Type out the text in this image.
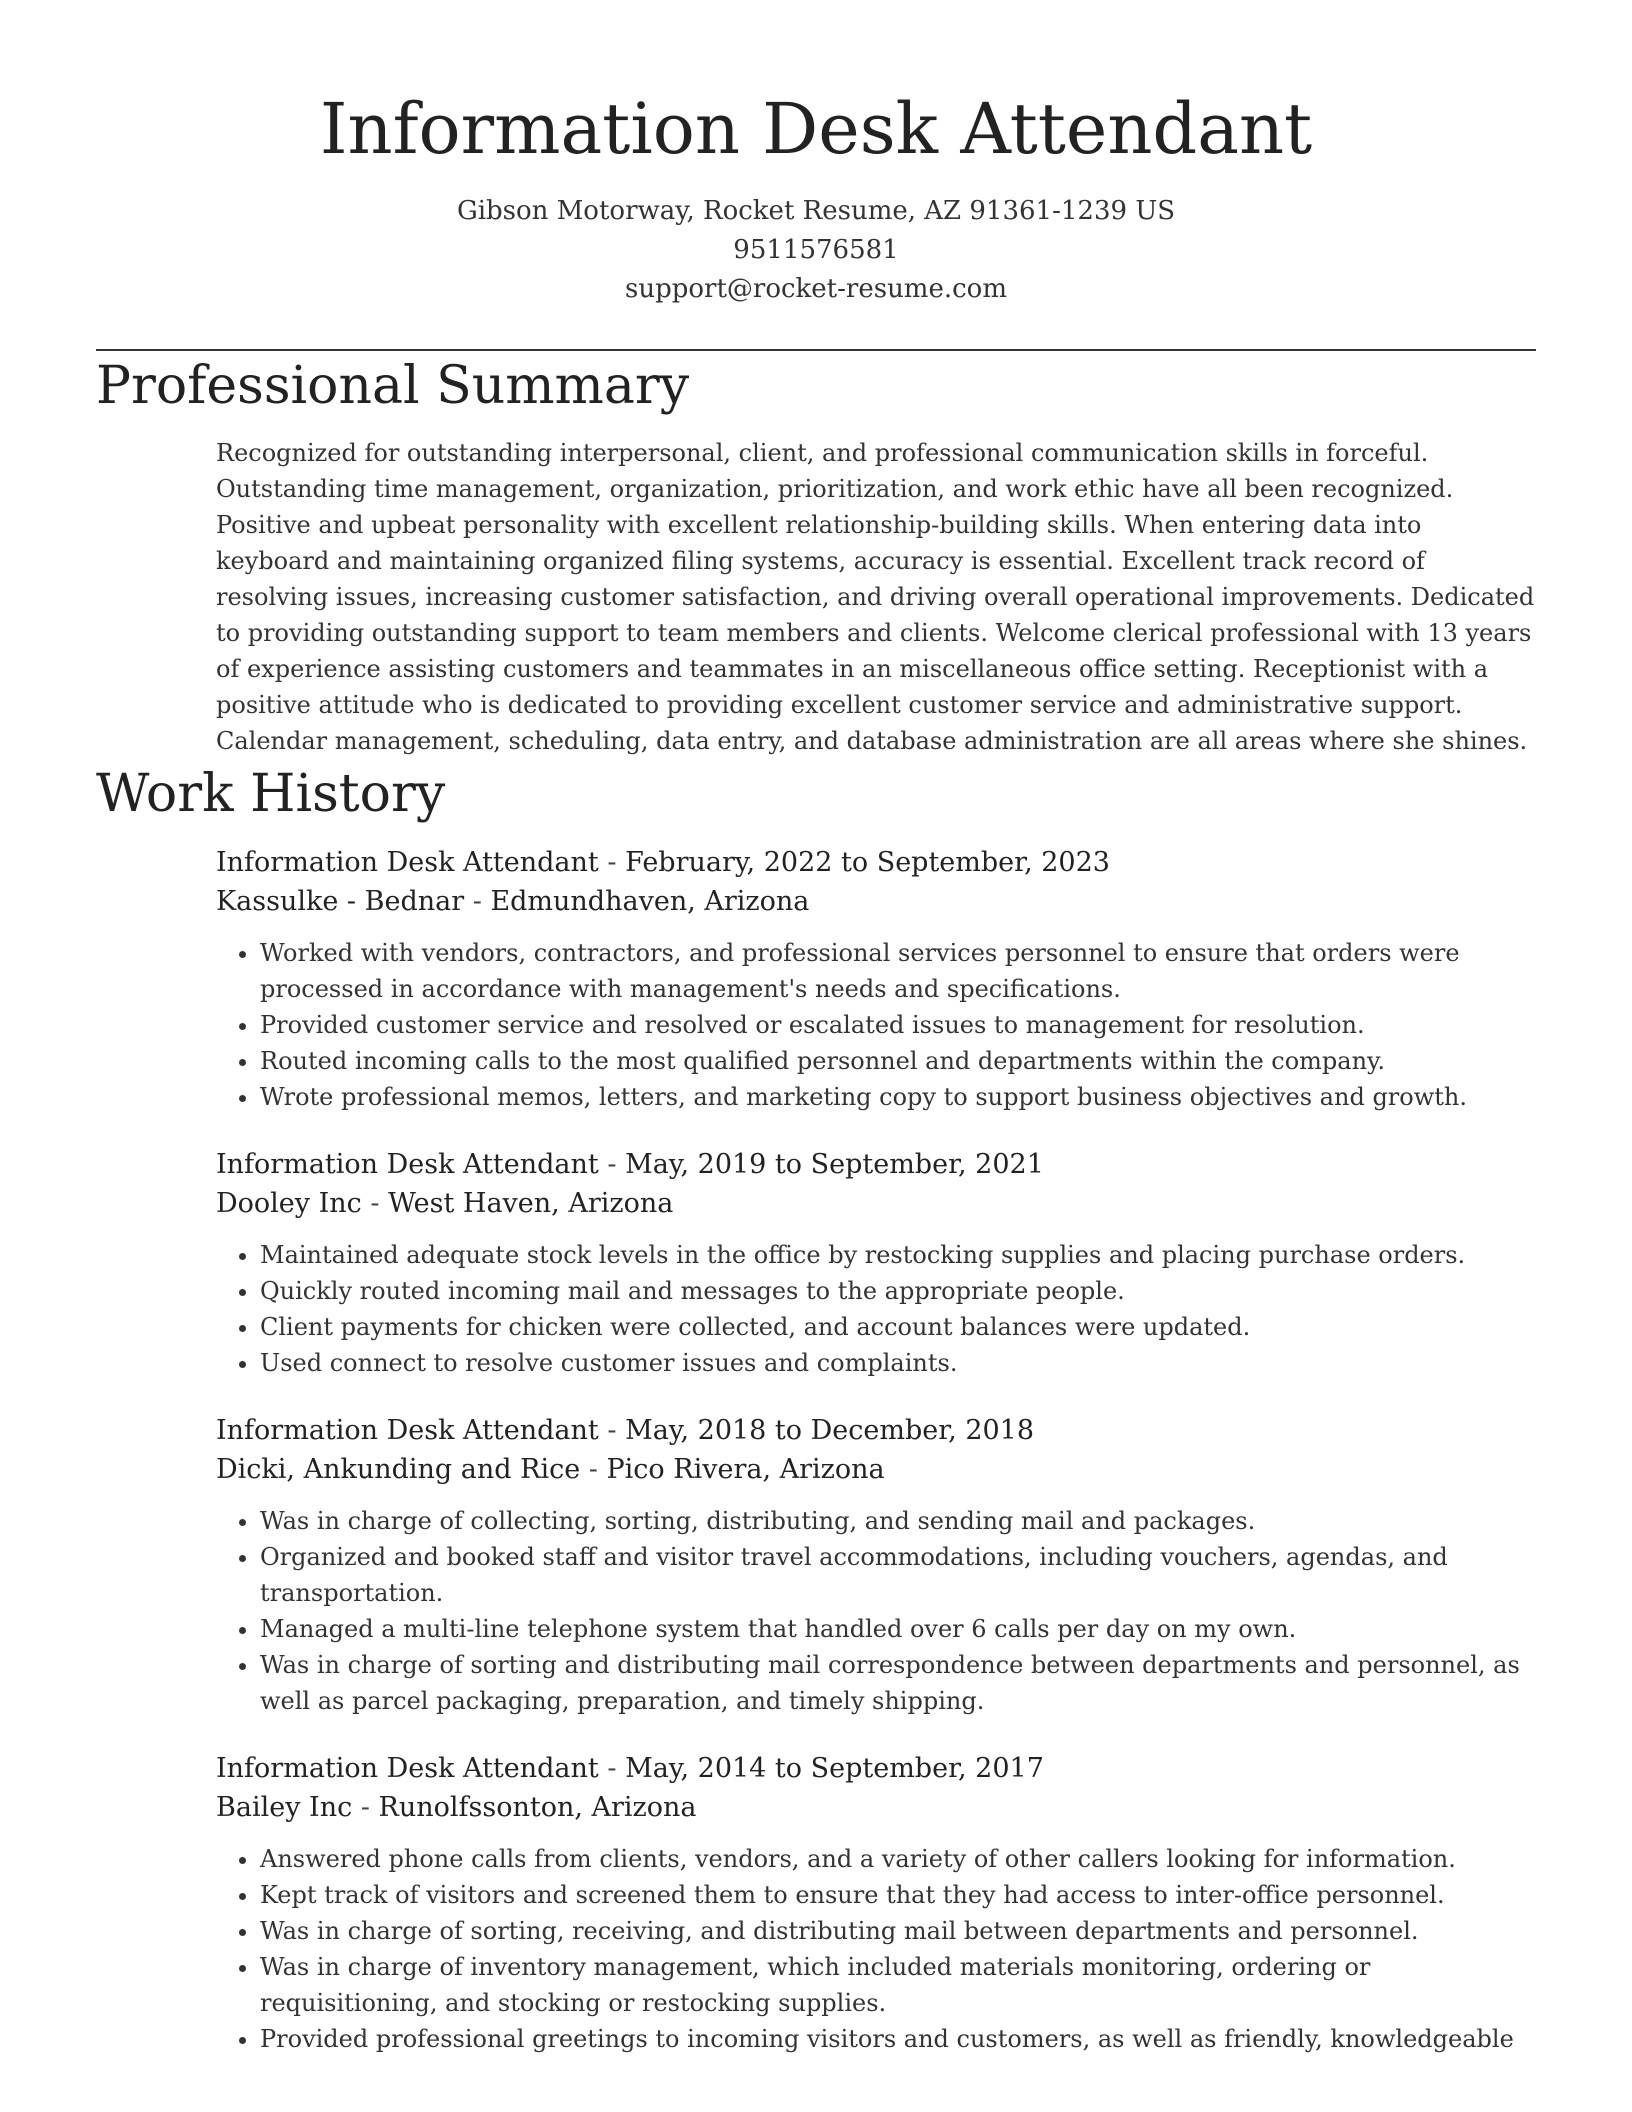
Information Desk Attendant
Gibson Motorway, Rocket Resume, AZ 91361-1239 US
9511576581
support@rocket-resume.com
Professional Summary

Recognized for outstanding interpersonal, client, and professional communication skills in forceful. Outstanding time management, organization, prioritization, and work ethic have all been recognized. Positive and upbeat personality with excellent relationship-building skills. When entering data into keyboard and maintaining organized filing systems, accuracy is essential. Excellent track record of resolving issues, increasing customer satisfaction, and driving overall operational improvements. Dedicated to providing outstanding support to team members and clients. Welcome clerical professional with 13 years of experience assisting customers and teammates in an miscellaneous office setting. Receptionist with a positive attitude who is dedicated to providing excellent customer service and administrative support. Calendar management, scheduling, data entry, and database administration are all areas where she shines.

Work History
Information Desk Attendant - February, 2022 to September, 2023
Kassulke - Bednar - Edmundhaven, Arizona
• Worked with vendors, contractors, and professional services personnel to ensure that orders were processed in accordance with management's needs and specifications.
• Provided customer service and resolved or escalated issues to management for resolution.
• Routed incoming calls to the most qualified personnel and departments within the company.
• Wrote professional memos, letters, and marketing copy to support business objectives and growth.
Information Desk Attendant - May, 2019 to September, 2021
Dooley Inc - West Haven, Arizona
• Maintained adequate stock levels in the office by restocking supplies and placing purchase orders.
• Quickly routed incoming mail and messages to the appropriate people.
• Client payments for chicken were collected, and account balances were updated.
• Used connect to resolve customer issues and complaints.
Information Desk Attendant - May, 2018 to December, 2018
Dicki, Ankunding and Rice - Pico Rivera, Arizona
• Was in charge of collecting, sorting, distributing, and sending mail and packages.
• Organized and booked staff and visitor travel accommodations, including vouchers, agendas, and transportation.
• Managed a multi-line telephone system that handled over 6 calls per day on my own.
• Was in charge of sorting and distributing mail correspondence between departments and personnel, as well as parcel packaging, preparation, and timely shipping.
Information Desk Attendant - May, 2014 to September, 2017
Bailey Inc - Runolfssonton, Arizona
• Answered phone calls from clients, vendors, and a variety of other callers looking for information.
• Kept track of visitors and screened them to ensure that they had access to inter-office personnel.
• Was in charge of sorting, receiving, and distributing mail between departments and personnel.
• Was in charge of inventory management, which included materials monitoring, ordering or requisitioning, and stocking or restocking supplies.
• Provided professional greetings to incoming visitors and customers, as well as friendly, knowledgeable
